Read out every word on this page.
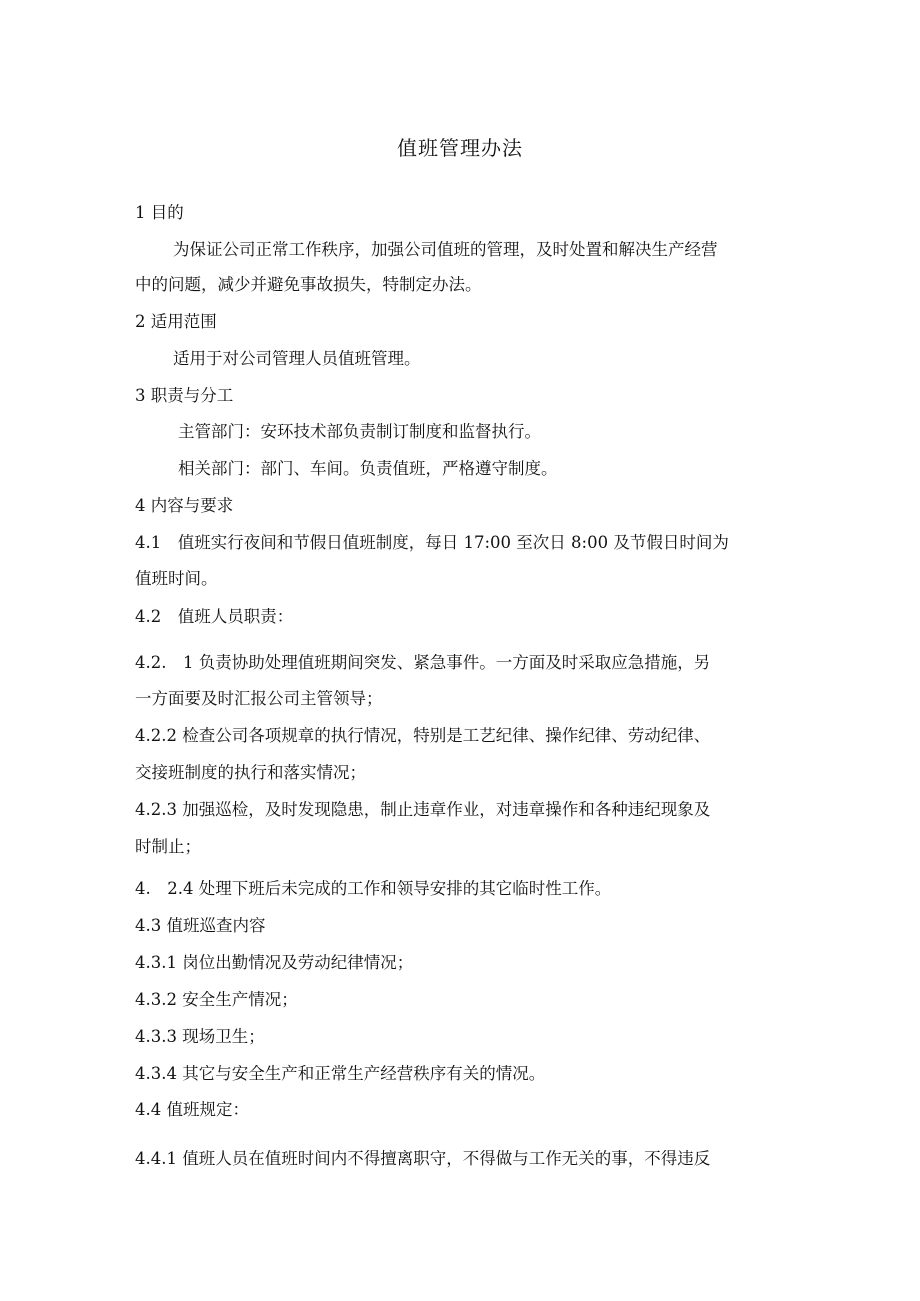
值班管理办法
1 目的
为保证公司正常工作秩序，加强公司值班的管理，及时处置和解决生产经营
中的问题，减少并避免事故损失，特制定办法。
2 适用范围
适用于对公司管理人员值班管理。
3 职责与分工
主管部门：安环技术部负责制订制度和监督执行。
相关部门：部门、车间。负责值班，严格遵守制度。
4 内容与要求
4.1　值班实行夜间和节假日值班制度，每日 17:00 至次日 8:00 及节假日时间为
值班时间。
4.2　值班人员职责：
4.2.　1 负责协助处理值班期间突发、紧急事件。一方面及时采取应急措施，另
一方面要及时汇报公司主管领导；
4.2.2 检查公司各项规章的执行情况，特别是工艺纪律、操作纪律、劳动纪律、
交接班制度的执行和落实情况；
4.2.3 加强巡检，及时发现隐患，制止违章作业，对违章操作和各种违纪现象及
时制止；
4.　2.4 处理下班后未完成的工作和领导安排的其它临时性工作。
4.3 值班巡查内容
4.3.1 岗位出勤情况及劳动纪律情况；
4.3.2 安全生产情况；
4.3.3 现场卫生；
4.3.4 其它与安全生产和正常生产经营秩序有关的情况。
4.4 值班规定：
4.4.1 值班人员在值班时间内不得擅离职守，不得做与工作无关的事，不得违反
